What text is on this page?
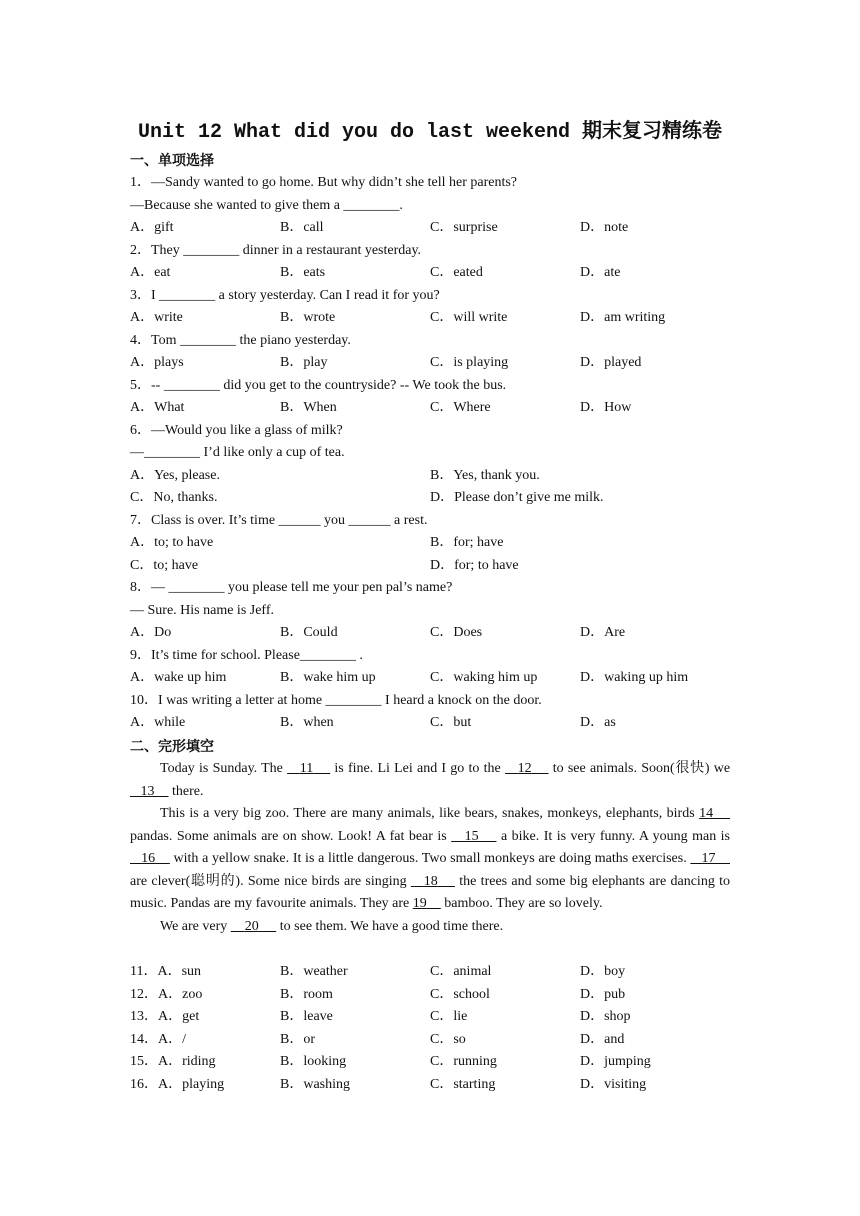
Unit 12 What did you do last weekend 期末复习精练卷
一、单项选择
1．—Sandy wanted to go home. But why didn’t she tell her parents?
—Because she wanted to give them a ________.
A．gift	B．call	C．surprise	D．note
2．They ________ dinner in a restaurant yesterday.
A．eat	B．eats	C．eated	D．ate
3．I ________ a story yesterday. Can I read it for you?
A．write	B．wrote	C．will write	D．am writing
4．Tom ________ the piano yesterday.
A．plays	B．play	C．is playing	D．played
5．-- ________ did you get to the countryside? -- We took the bus.
A．What	B．When	C．Where	D．How
6．—Would you like a glass of milk?
—________ I’d like only a cup of tea.
A．Yes, please.	B．Yes, thank you.
C．No, thanks.	D．Please don’t give me milk.
7．Class is over. It’s time ______ you ______ a rest.
A．to; to have	B．for; have
C．to; have	D．for; to have
8．— ________ you please tell me your pen pal’s name?
— Sure. His name is Jeff.
A．Do	B．Could	C．Does	D．Are
9．It’s time for school. Please________ .
A．wake up him	B．wake him up	C．waking him up	D．waking up him
10．I was writing a letter at home ________ I heard a knock on the door.
A．while	B．when	C．but	D．as
二、完形填空

Today is Sunday. The    11     is fine. Li Lei and I go to the    12     to see animals. Soon(很快) we    13     there.

This is a very big zoo. There are many animals, like bears, snakes, monkeys, elephants, birds 14     pandas. Some animals are on show. Look! A fat bear is    15     a bike. It is very funny. A young man is    16     with a yellow snake. It is a little dangerous. Two small monkeys are doing maths exercises.    17     are clever(聪明的). Some nice birds are singing    18     the trees and some big elephants are dancing to music. Pandas are my favourite animals. They are 19     bamboo. They are so lovely.

We are very     20      to see them. We have a good time there.

11．A．sun	B．weather	C．animal	D．boy
12．A．zoo	B．room	C．school	D．pub
13．A．get	B．leave	C．lie	D．shop
14．A．/	B．or	C．so	D．and
15．A．riding	B．looking	C．running	D．jumping
16．A．playing	B．washing	C．starting	D．visiting
